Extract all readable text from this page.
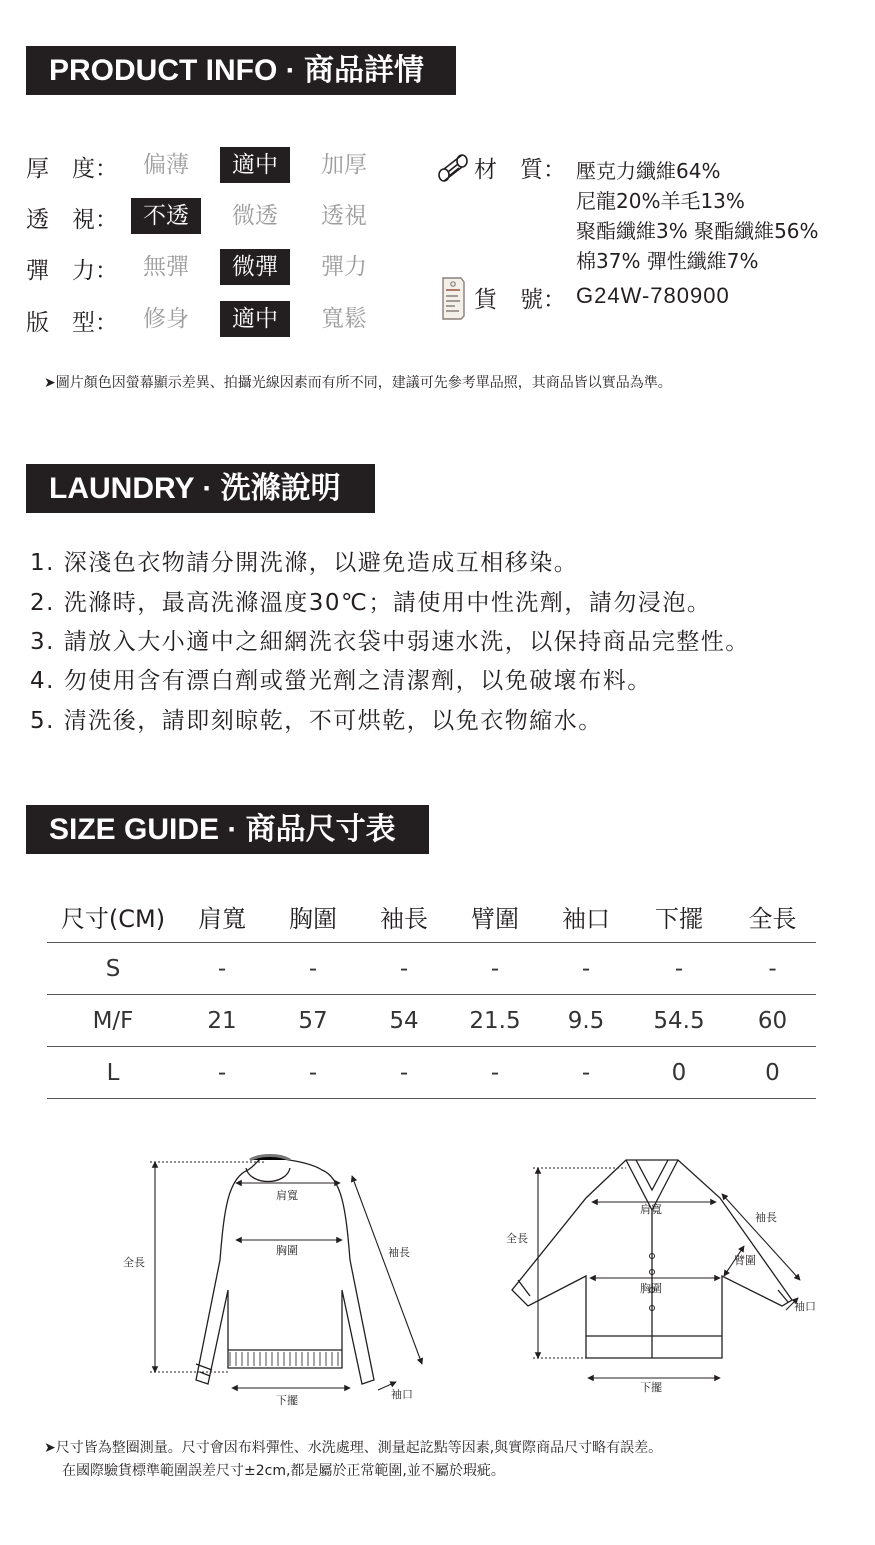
PRODUCT INFO · 商品詳情
厚　度：	偏薄	適中	加厚
透　視：	不透	微透	透視
彈　力：	無彈	微彈	彈力
版　型：	修身	適中	寬鬆
材　質： 壓克力纖維64%
尼龍20%羊毛13%
聚酯纖維3% 聚酯纖維56%
棉37% 彈性纖維7%
貨　號： G24W-780900
➤圖片顏色因螢幕顯示差異、拍攝光線因素而有所不同，建議可先參考單品照，其商品皆以實品為準。
LAUNDRY · 洗滌說明
1. 深淺色衣物請分開洗滌，以避免造成互相移染。
2. 洗滌時，最高洗滌溫度30℃；請使用中性洗劑，請勿浸泡。
3. 請放入大小適中之細網洗衣袋中弱速水洗，以保持商品完整性。
4. 勿使用含有漂白劑或螢光劑之清潔劑，以免破壞布料。
5. 清洗後，請即刻晾乾，不可烘乾，以免衣物縮水。
SIZE GUIDE · 商品尺寸表
尺寸(CM)	肩寬	胸圍	袖長	臂圍	袖口	下擺	全長
S	-	-	-	-	-	-	-
M/F	21	57	54	21.5	9.5	54.5	60
L	-	-	-	-	-	0	0
全長
肩寬
胸圍	袖長
下擺	袖口
全長
肩寬
胸圍
袖長
臂圍
袖口
下擺
➤尺寸皆為整圈測量。尺寸會因布料彈性、水洗處理、測量起訖點等因素,與實際商品尺寸略有誤差。
在國際驗貨標準範圍誤差尺寸±2cm,都是屬於正常範圍,並不屬於瑕疵。
